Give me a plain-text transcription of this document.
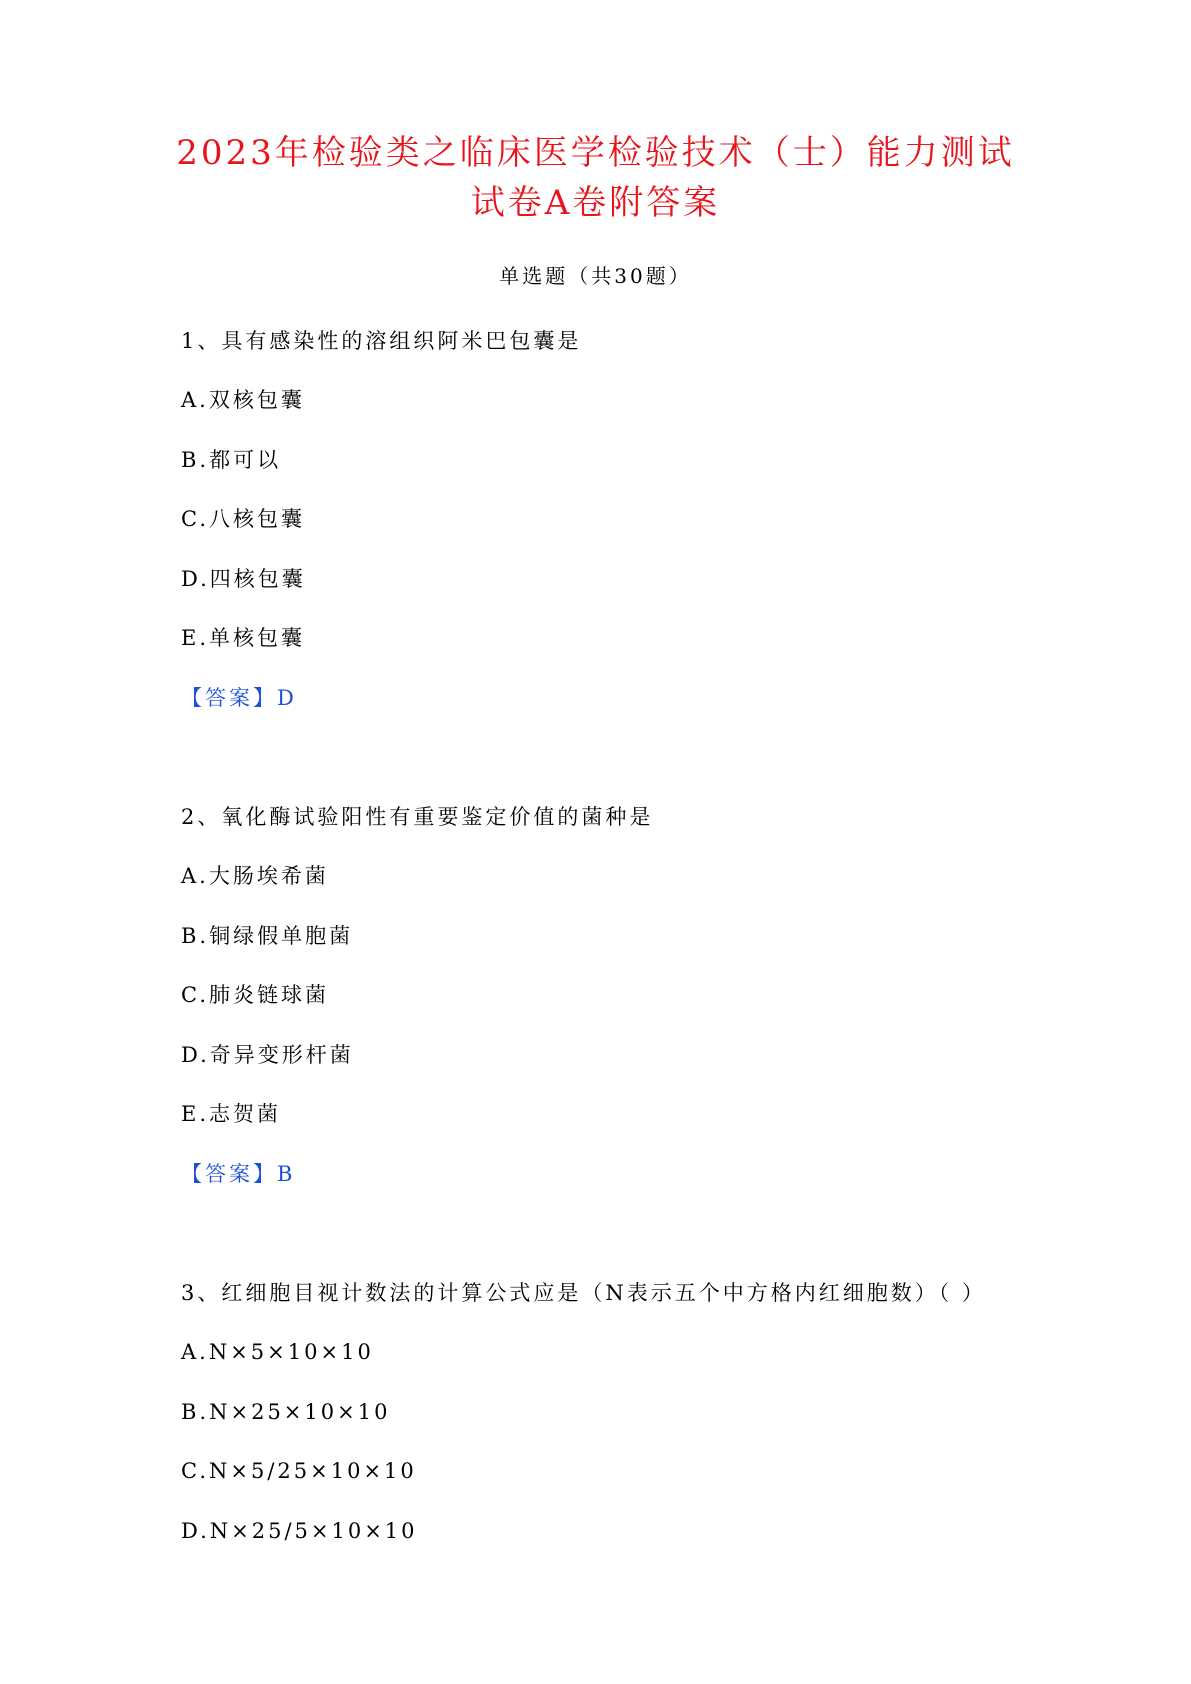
2023年检验类之临床医学检验技术（士）能力测试
试卷A卷附答案
单选题（共30题）
1、具有感染性的溶组织阿米巴包囊是
A.双核包囊
B.都可以
C.八核包囊
D.四核包囊
E.单核包囊
【答案】D
2、氧化酶试验阳性有重要鉴定价值的菌种是
A.大肠埃希菌
B.铜绿假单胞菌
C.肺炎链球菌
D.奇异变形杆菌
E.志贺菌
【答案】B
3、红细胞目视计数法的计算公式应是（N表示五个中方格内红细胞数）（ ）
A.N×5×10×10
B.N×25×10×10
C.N×5/25×10×10
D.N×25/5×10×10
